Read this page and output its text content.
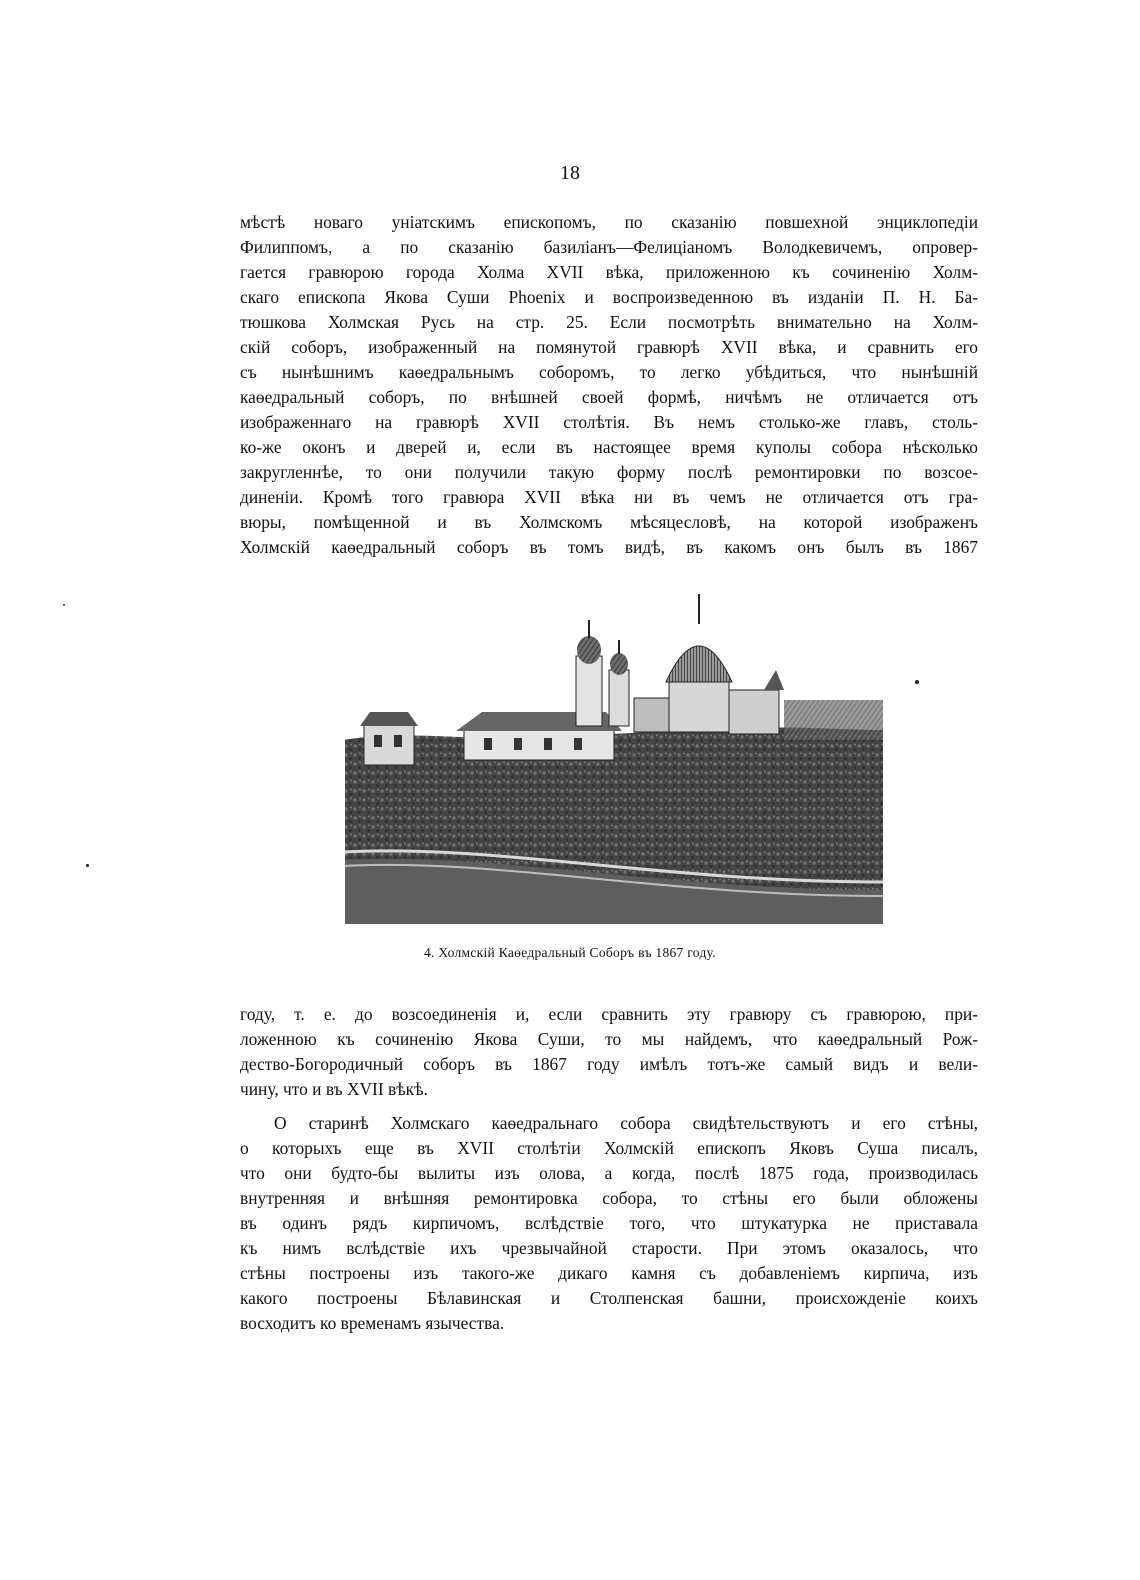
18
мѣстѣ новаго уніатскимъ епископомъ, по сказанію повшехной энциклопедіи
Филиппомъ, а по сказанію базиліанъ—Фелиціаномъ Володкевичемъ, опровер-
гается гравюрою города Холма XVII вѣка, приложенною къ сочиненію Холм-
скаго епископа Якова Суши Phoenix и воспроизведенною въ изданіи П. Н. Ба-
тюшкова Холмская Русь на стр. 25. Если посмотрѣть внимательно на Холм-
скій соборъ, изображенный на помянутой гравюрѣ XVII вѣка, и сравнить его
съ нынѣшнимъ каѳедральнымъ соборомъ, то легко убѣдиться, что нынѣшній
каѳедральный соборъ, по внѣшней своей формѣ, ничѣмъ не отличается отъ
изображеннаго на гравюрѣ XVII столѣтія. Въ немъ столько-же главъ, столь-
ко-же оконъ и дверей и, если въ настоящее время куполы собора нѣсколько
закругленнѣе, то они получили такую форму послѣ ремонтировки по возсое-
диненіи. Кромѣ того гравюра XVII вѣка ни въ чемъ не отличается отъ гра-
вюры, помѣщенной и въ Холмскомъ мѣсяцесловѣ, на которой изображенъ
Холмскій каѳедральный соборъ въ томъ видѣ, въ какомъ онъ былъ въ 1867
4. Холмскій Каѳедральный Соборъ въ 1867 году.
году, т. е. до возсоединенія и, если сравнить эту гравюру съ гравюрою, при-
ложенною къ сочиненію Якова Суши, то мы найдемъ, что каѳедральный Рож-
дество-Богородичный соборъ въ 1867 году имѣлъ тотъ-же самый видъ и вели-
чину, что и въ XVII вѣкѣ.
О старинѣ Холмскаго каѳедральнаго собора свидѣтельствуютъ и его стѣны,
о которыхъ еще въ XVII столѣтіи Холмскій епископъ Яковъ Суша писалъ,
что они будто-бы вылиты изъ олова, а когда, послѣ 1875 года, производилась
внутренняя и внѣшняя ремонтировка собора, то стѣны его были обложены
въ одинъ рядъ кирпичомъ, вслѣдствіе того, что штукатурка не приставала
къ нимъ вслѣдствіе ихъ чрезвычайной старости. При этомъ оказалось, что
стѣны построены изъ такого-же дикаго камня съ добавленіемъ кирпича, изъ
какого построены Бѣлавинская и Столпенская башни, происхожденіе коихъ
восходитъ ко временамъ язычества.
